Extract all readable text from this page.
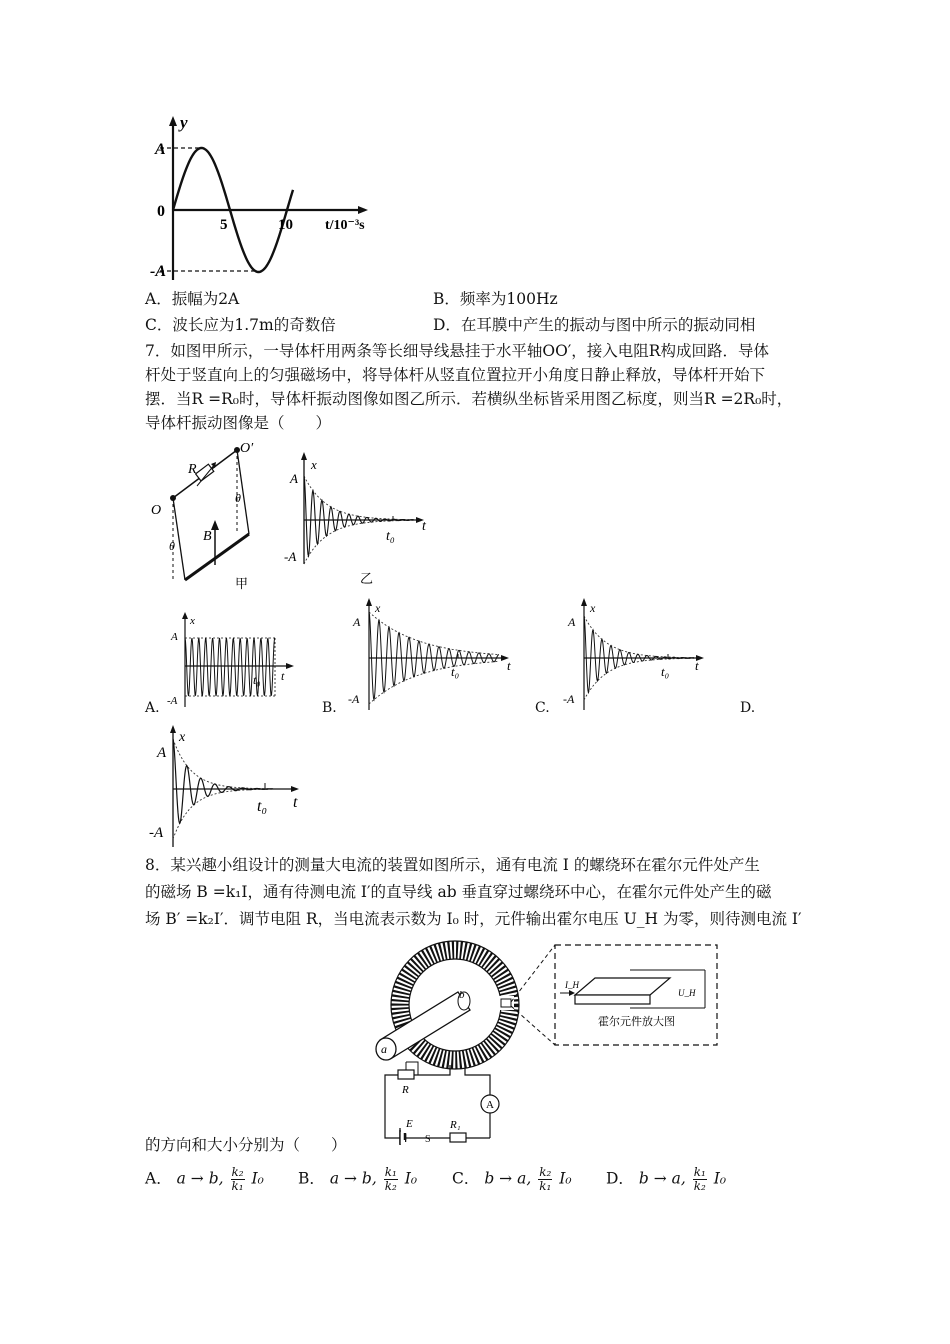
y
A
0
-A
5	10 t/10⁻³s
A．振幅为2A	B．频率为100Hz
C．波长应为1.7m的奇数倍	D．在耳膜中产生的振动与图中所示的振动同相
7．如图甲所示，一导体杆用两条等长细导线悬挂于水平轴OO′，接入电阻R构成回路．导体
杆处于竖直向上的匀强磁场中，将导体杆从竖直位置拉开小角度日静止释放，导体杆开始下
摆．当R =R₀时，导体杆振动图像如图乙所示．若横纵坐标皆采用图乙标度，则当R =2R₀时，
导体杆振动图像是（　　）
O
O′
R
B
θ
θ
甲
x
A
-A
t₀
t
乙
x
A
-A
t₀ t
A.
x
A
-A
t₀	t
B.
x
A
-A
t₀ t
C.	D.
x
A
-A
t₀ t
8．某兴趣小组设计的测量大电流的装置如图所示，通有电流 I 的螺绕环在霍尔元件处产生
的磁场 B =k₁I，通有待测电流 I′的直导线 ab 垂直穿过螺绕环中心，在霍尔元件处产生的磁
场 B′ =k₂I′．调节电阻 R，当电流表示数为 I₀ 时，元件输出霍尔电压 U_H 为零，则待测电流 I′
a
b
R
A
E
S
R₁
I_H
U_H
霍尔元件放大图
的方向和大小分别为（　　）
A． a → b, $\frac{\text{k₂}}{\text{k₁}} I_0$ B． a → b, $\frac{\text{k₁}}{\text{k₂}} I_0$ C． b → a, $\frac{\text{k₂}}{\text{k₁}} I_0$ D． b → a, $\frac{\text{k₁}}{\text{k₂}} I_0$
